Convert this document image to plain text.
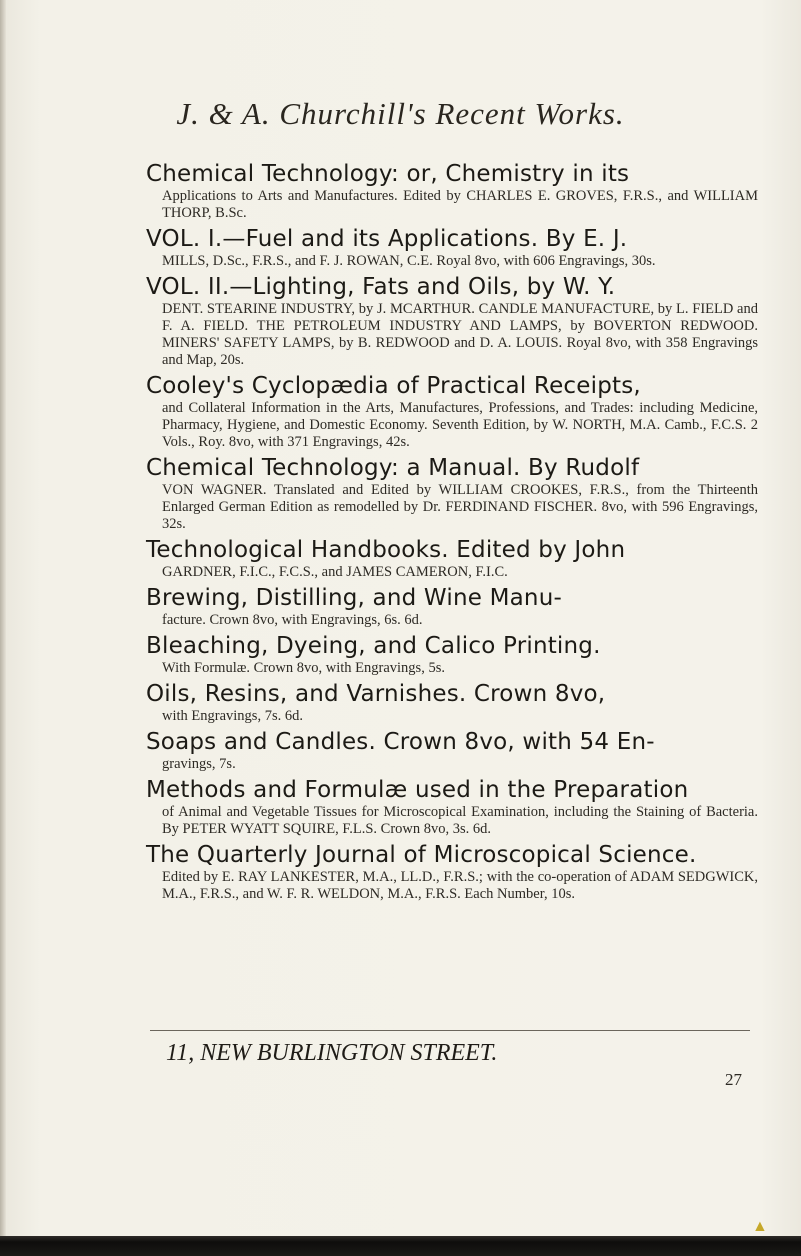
J. & A. Churchill's Recent Works.
Chemical Technology: or, Chemistry in its
Applications to Arts and Manufactures. Edited by CHARLES E. GROVES, F.R.S., and WILLIAM THORP, B.Sc.
VOL. I.—Fuel and its Applications. By E. J.
MILLS, D.Sc., F.R.S., and F. J. ROWAN, C.E. Royal 8vo, with 606 Engravings, 30s.
VOL. II.—Lighting, Fats and Oils, by W. Y.
DENT. STEARINE INDUSTRY, by J. MCARTHUR. CANDLE MANUFACTURE, by L. FIELD and F. A. FIELD. THE PETROLEUM INDUSTRY AND LAMPS, by BOVERTON REDWOOD. MINERS' SAFETY LAMPS, by B. REDWOOD and D. A. LOUIS. Royal 8vo, with 358 Engravings and Map, 20s.
Cooley's Cyclopædia of Practical Receipts,
and Collateral Information in the Arts, Manufactures, Professions, and Trades: including Medicine, Pharmacy, Hygiene, and Domestic Economy. Seventh Edition, by W. NORTH, M.A. Camb., F.C.S. 2 Vols., Roy. 8vo, with 371 Engravings, 42s.
Chemical Technology: a Manual. By Rudolf
VON WAGNER. Translated and Edited by WILLIAM CROOKES, F.R.S., from the Thirteenth Enlarged German Edition as remodelled by Dr. FERDINAND FISCHER. 8vo, with 596 Engravings, 32s.
Technological Handbooks. Edited by John
GARDNER, F.I.C., F.C.S., and JAMES CAMERON, F.I.C.
Brewing, Distilling, and Wine Manu-
facture. Crown 8vo, with Engravings, 6s. 6d.
Bleaching, Dyeing, and Calico Printing.
With Formulæ. Crown 8vo, with Engravings, 5s.
Oils, Resins, and Varnishes. Crown 8vo,
with Engravings, 7s. 6d.
Soaps and Candles. Crown 8vo, with 54 En-
gravings, 7s.
Methods and Formulæ used in the Preparation
of Animal and Vegetable Tissues for Microscopical Examination, including the Staining of Bacteria. By PETER WYATT SQUIRE, F.L.S. Crown 8vo, 3s. 6d.
The Quarterly Journal of Microscopical Science.
Edited by E. RAY LANKESTER, M.A., LL.D., F.R.S.; with the co-operation of ADAM SEDGWICK, M.A., F.R.S., and W. F. R. WELDON, M.A., F.R.S. Each Number, 10s.
11, NEW BURLINGTON STREET.
27
▲
